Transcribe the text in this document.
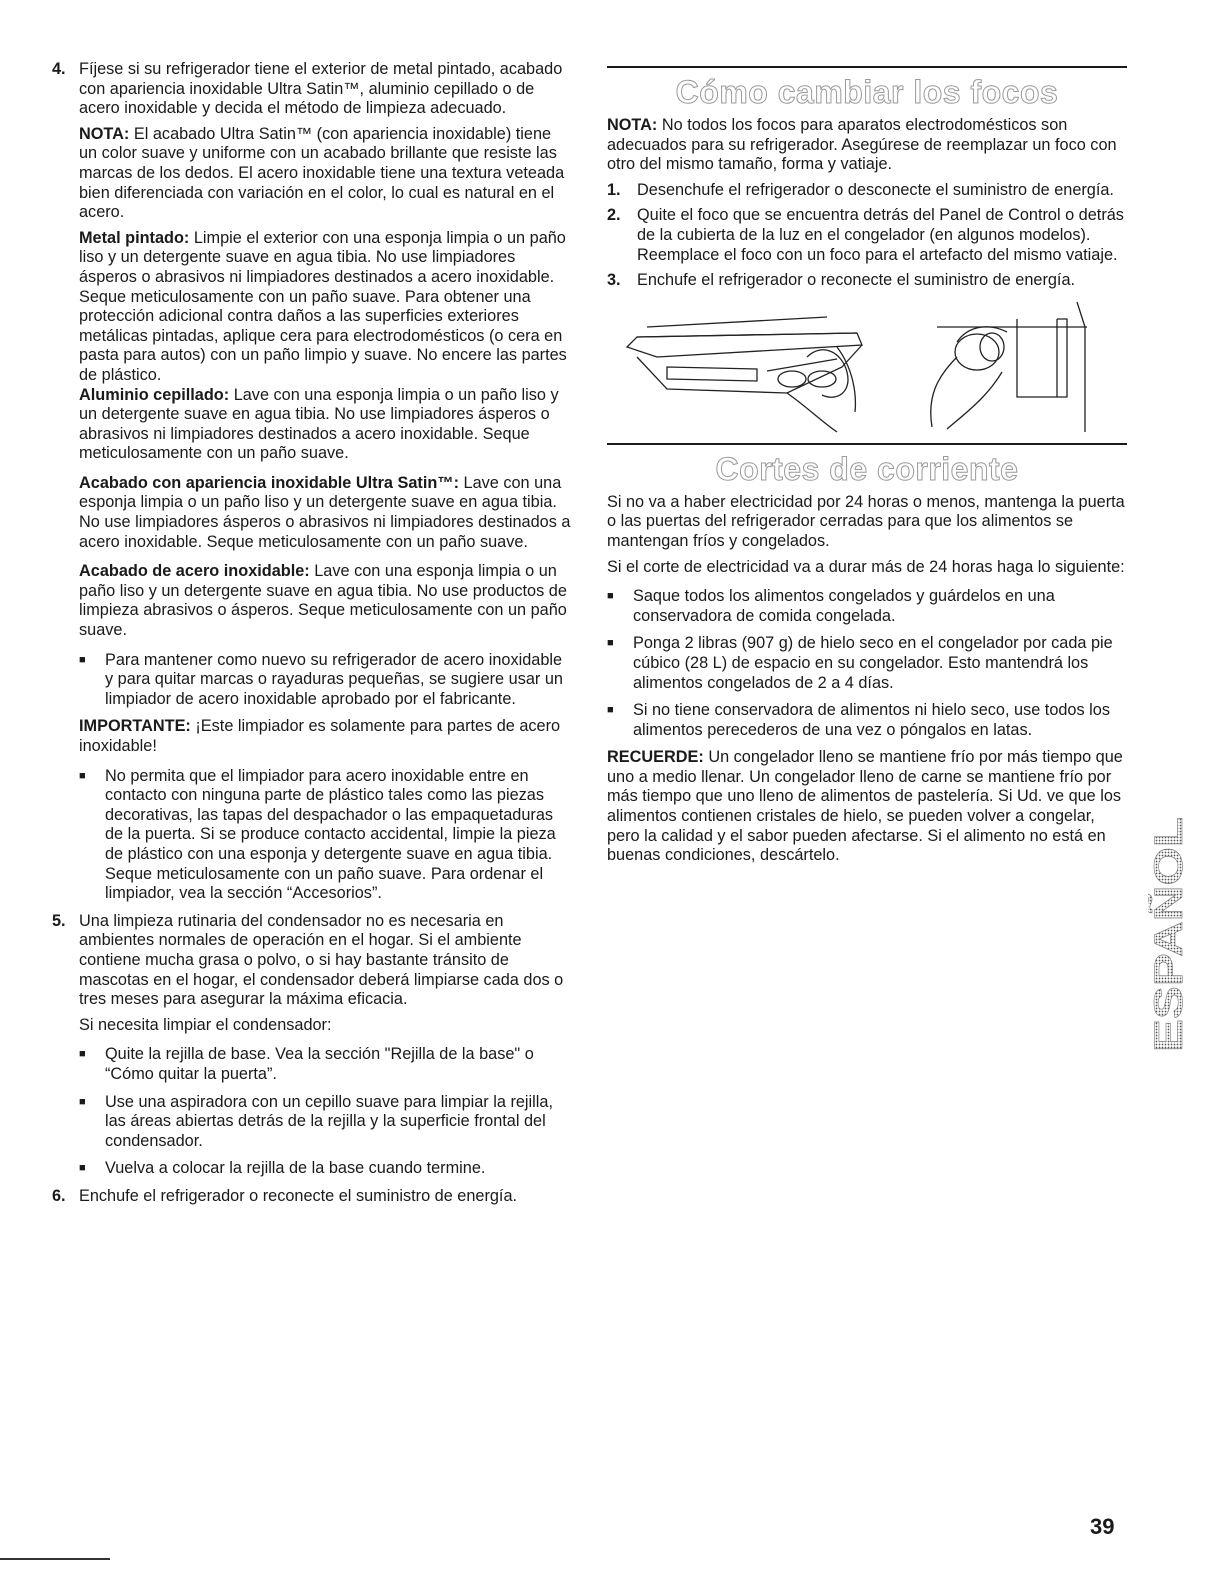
4. Fíjese si su refrigerador tiene el exterior de metal pintado, acabado con apariencia inoxidable Ultra Satin™, aluminio cepillado o de acero inoxidable y decida el método de limpieza adecuado.

NOTA: El acabado Ultra Satin™ (con apariencia inoxidable) tiene un color suave y uniforme con un acabado brillante que resiste las marcas de los dedos. El acero inoxidable tiene una textura veteada bien diferenciada con variación en el color, lo cual es natural en el acero.

Metal pintado: Limpie el exterior con una esponja limpia o un paño liso y un detergente suave en agua tibia. No use limpiadores ásperos o abrasivos ni limpiadores destinados a acero inoxidable. Seque meticulosamente con un paño suave. Para obtener una protección adicional contra daños a las superficies exteriores metálicas pintadas, aplique cera para electrodomésticos (o cera en pasta para autos) con un paño limpio y suave. No encere las partes de plástico.

Aluminio cepillado: Lave con una esponja limpia o un paño liso y un detergente suave en agua tibia. No use limpiadores ásperos o abrasivos ni limpiadores destinados a acero inoxidable. Seque meticulosamente con un paño suave.

Acabado con apariencia inoxidable Ultra Satin™: Lave con una esponja limpia o un paño liso y un detergente suave en agua tibia. No use limpiadores ásperos o abrasivos ni limpiadores destinados a acero inoxidable. Seque meticulosamente con un paño suave.

Acabado de acero inoxidable: Lave con una esponja limpia o un paño liso y un detergente suave en agua tibia. No use productos de limpieza abrasivos o ásperos. Seque meticulosamente con un paño suave.

■	Para mantener como nuevo su refrigerador de acero inoxidable y para quitar marcas o rayaduras pequeñas, se sugiere usar un limpiador de acero inoxidable aprobado por el fabricante.

IMPORTANTE: ¡Este limpiador es solamente para partes de acero inoxidable!

■	No permita que el limpiador para acero inoxidable entre en contacto con ninguna parte de plástico tales como las piezas decorativas, las tapas del despachador o las empaquetaduras de la puerta. Si se produce contacto accidental, limpie la pieza de plástico con una esponja y detergente suave en agua tibia. Seque meticulosamente con un paño suave. Para ordenar el limpiador, vea la sección “Accesorios”.
5. Una limpieza rutinaria del condensador no es necesaria en ambientes normales de operación en el hogar. Si el ambiente contiene mucha grasa o polvo, o si hay bastante tránsito de mascotas en el hogar, el condensador deberá limpiarse cada dos o tres meses para asegurar la máxima eficacia.

Si necesita limpiar el condensador:

■	Quite la rejilla de base. Vea la sección "Rejilla de la base" o “Cómo quitar la puerta”.
■	Use una aspiradora con un cepillo suave para limpiar la rejilla, las áreas abiertas detrás de la rejilla y la superficie frontal del condensador.
■	Vuelva a colocar la rejilla de la base cuando termine.
6. Enchufe el refrigerador o reconecte el suministro de energía.
Cómo cambiar los focos

NOTA: No todos los focos para aparatos electrodomésticos son adecuados para su refrigerador. Asegúrese de reemplazar un foco con otro del mismo tamaño, forma y vatiaje.

1.	Desenchufe el refrigerador o desconecte el suministro de energía.
2.	Quite el foco que se encuentra detrás del Panel de Control o detrás de la cubierta de la luz en el congelador (en algunos modelos). Reemplace el foco con un foco para el artefacto del mismo vatiaje.
3.	Enchufe el refrigerador o reconecte el suministro de energía.
Cortes de corriente

Si no va a haber electricidad por 24 horas o menos, mantenga la puerta o las puertas del refrigerador cerradas para que los alimentos se mantengan fríos y congelados.

Si el corte de electricidad va a durar más de 24 horas haga lo siguiente:

■	Saque todos los alimentos congelados y guárdelos en una conservadora de comida congelada.
■	Ponga 2 libras (907 g) de hielo seco en el congelador por cada pie cúbico (28 L) de espacio en su congelador. Esto mantendrá los alimentos congelados de 2 a 4 días.
■	Si no tiene conservadora de alimentos ni hielo seco, use todos los alimentos perecederos de una vez o póngalos en latas.

RECUERDE: Un congelador lleno se mantiene frío por más tiempo que uno a medio llenar. Un congelador lleno de carne se mantiene frío por más tiempo que uno lleno de alimentos de pastelería. Si Ud. ve que los alimentos contienen cristales de hielo, se pueden volver a congelar, pero la calidad y el sabor pueden afectarse. Si el alimento no está en buenas condiciones, descártelo.

ESPAÑOL
39
